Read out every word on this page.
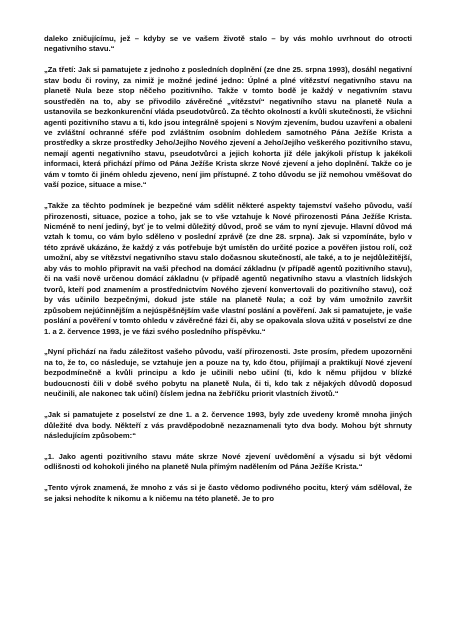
dalekо zničujícímu, jež – kdyby se ve vašem životě stalo – by vás mohlo uvrhnout do otrocti negativního stavu.“

„Za třetí: Jak si pamatujete z jednoho z posledních doplnění (ze dne 25. srpna 1993), dosáhl negativní stav bodu či roviny, za nimiž je možné jediné jedno: Úplné a plné vítězství negativního stavu na planetě Nula beze stop něčeho pozitivního. Takže v tomto bodě je každý v negativním stavu soustředěn na to, aby se přivodilo závěrečné „vítězství“ negativního stavu na planetě Nula a ustanovila se bezkonkurenční vláda pseudotvůrců. Za těchto okolností a kvůli skutečnosti, že všichni agenti pozitivního stavu a ti, kdo jsou integrálně spojeni s Novým zjevením, budou uzavřeni a obaleni ve zvláštní ochranné sféře pod zvláštním osobním dohledem samotného Pána Ježíše Krista a prostředky a skrze prostředky Jeho/Jejího Nového zjevení a Jeho/Jejího veškerého pozitivního stavu, nemají agenti negativního stavu, pseudotvůrci a jejich kohorta již déle jakýkoli přístup k jakékoli informaci, která přichází přímo od Pána Ježíše Krista skrze Nové zjevení a jeho doplnění. Takže co je vám v tomto či jiném ohledu zjeveno, není jim přístupné. Z toho důvodu se již nemohou vměšovat do vaší pozice, situace a mise.“

„Takže za těchto podmínek je bezpečné vám sdělit některé aspekty tajemství vašeho původu, vaší přirozenosti, situace, pozice a toho, jak se to vše vztahuje k Nové přirozenosti Pána Ježíše Krista. Nicméně to není jediný, byť je to velmi důležitý důvod, proč se vám to nyní zjevuje. Hlavní důvod má vztah k tomu, co vám bylo sděleno v poslední zprávě (ze dne 28. srpna). Jak si vzpomínáte, bylo v této zprávě ukázáno, že každý z vás potřebuje být umístěn do určité pozice a pověřen jistou rolí, což umožní, aby se vítězství negativního stavu stalo dočasnou skutečností, ale také, a to je nejdůležitější, aby vás to mohlo připravit na vaši přechod na domácí základnu (v případě agentů pozitivního stavu), či na vaši nově určenou domácí základnu (v případě agentů negativního stavu a vlastních lidských tvorů, kteří pod znamením a prostřednictvím Nového zjevení konvertovali do pozitivního stavu), což by vás učinilo bezpečnými, dokud jste stále na planetě Nula; a což by vám umožnilo završit způsobem nejúčinnějším a nejúspěšnějším vaše vlastní poslání a pověření. Jak si pamatujete, je vaše poslání a pověření v tomto ohledu v závěrečné fázi či, aby se opakovala slova užitá v poselství ze dne 1. a 2. července 1993, je ve fázi svého posledního příspěvku.“

„Nyní přichází na řadu záležitost vašeho původu, vaší přirozenosti. Jste prosím, předem upozorněni na to, že to, co následuje, se vztahuje jen a pouze na ty, kdo čtou, přijímají a praktikují Nové zjevení bezpodmínečně a kvůli principu a kdo je učinili nebo učiní (ti, kdo k němu přijdou v blízké budoucnosti čili v době svého pobytu na planetě Nula, či ti, kdo tak z nějakých důvodů doposud neučinili, ale nakonec tak učiní) číslem jedna na žebříčku priorit vlastních životů.“

„Jak si pamatujete z poselství ze dne 1. a 2. července 1993, byly zde uvedeny kromě mnoha jiných důležité dva body. Někteří z vás pravděpodobně nezaznamenali tyto dva body. Mohou být shrnuty následujícím způsobem:“

„1. Jako agenti pozitivního stavu máte skrze Nové zjevení uvědomění a výsadu si být vědomi odlišnosti od kohokoli jiného na planetě Nula přímým nadělením od Pána Ježíše Krista.“

„Tento výrok znamená, že mnoho z vás si je často vědomo podivného pocitu, který vám sděloval, že se jaksi nehodíte k nikomu a k ničemu na této planetě. Je to pro
